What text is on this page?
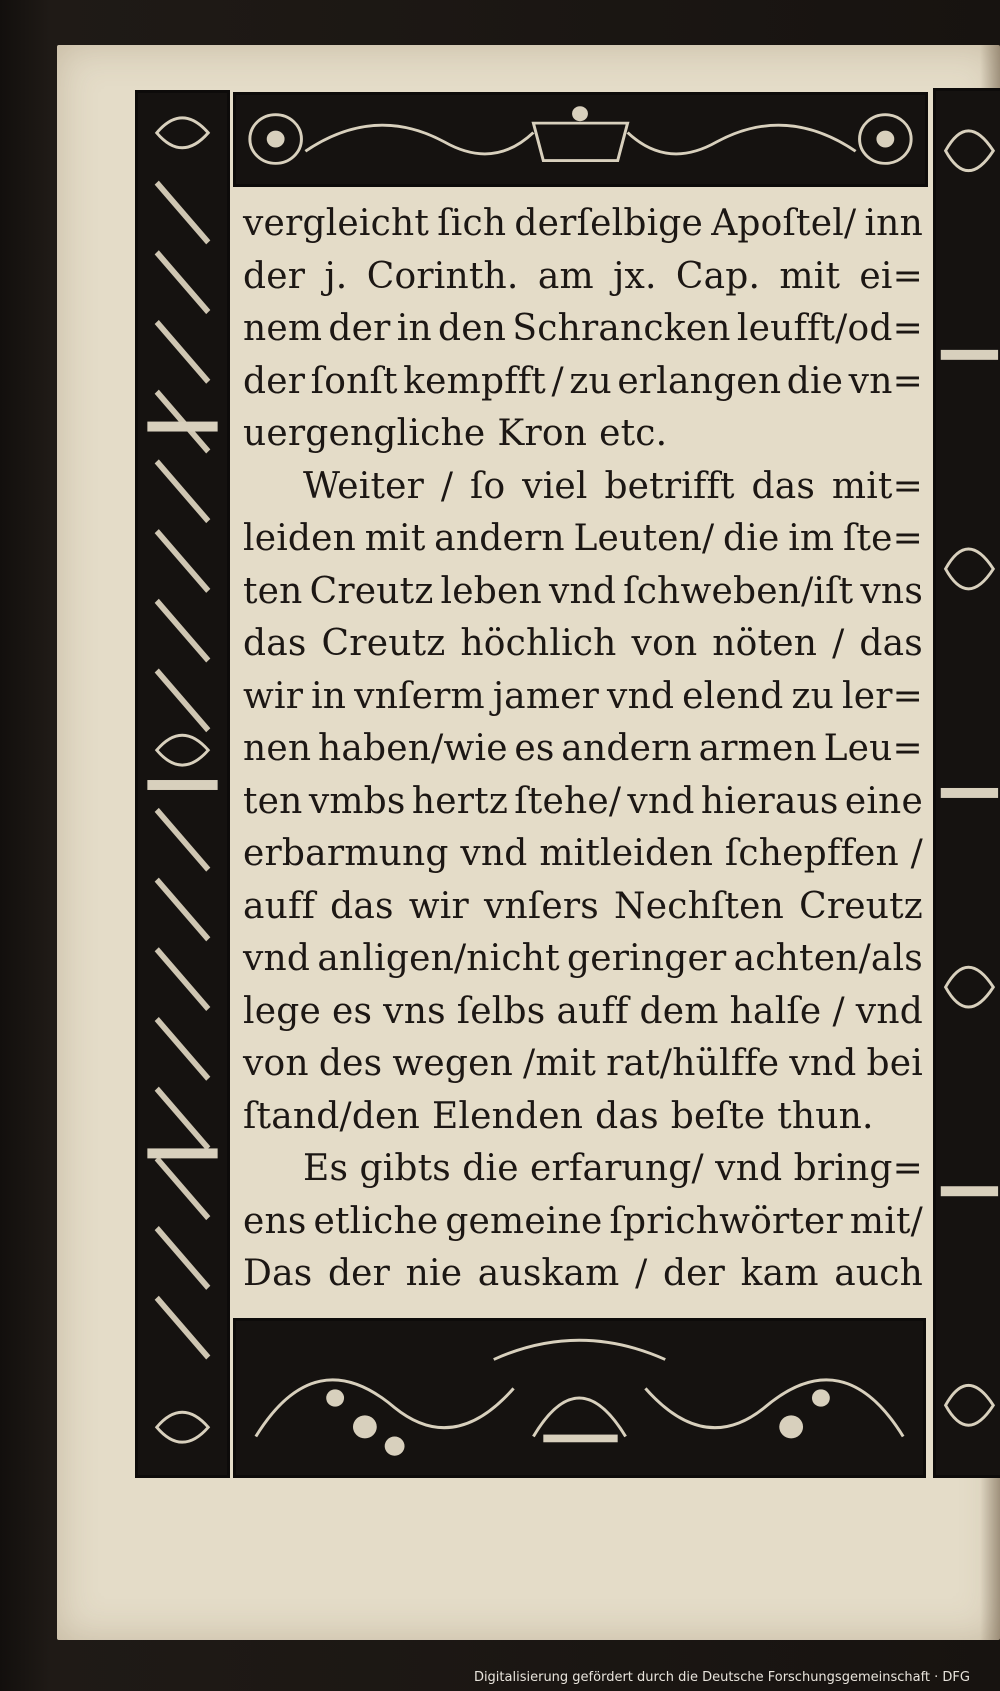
vergleicht ſich derſelbige Apoſtel/ inn
der j. Corinth. am jx. Cap. mit ei=
nem der in den Schrancken leufft/od=
der ſonſt kempfft / zu erlangen die vn=
uergengliche Kron etc.
Weiter / ſo viel betrifft das mit=
leiden mit andern Leuten/ die im ſte=
ten Creutz leben vnd ſchweben/iſt vns
das Creutz höchlich von nöten / das
wir in vnſerm jamer vnd elend zu ler=
nen haben/wie es andern armen Leu=
ten vmbs hertz ſtehe/ vnd hieraus eine
erbarmung vnd mitleiden ſchepffen /
auff das wir vnſers Nechſten Creutz
vnd anligen/nicht geringer achten/als
lege es vns ſelbs auff dem halſe / vnd
von des wegen /mit rat/hülffe vnd bei
ſtand/den Elenden das beſte thun.
Es gibts die erfarung/ vnd bring=
ens etliche gemeine ſprichwörter mit/
Das der nie auskam / der kam auch
Digitalisierung gefördert durch die Deutsche Forschungsgemeinschaft · DFG
